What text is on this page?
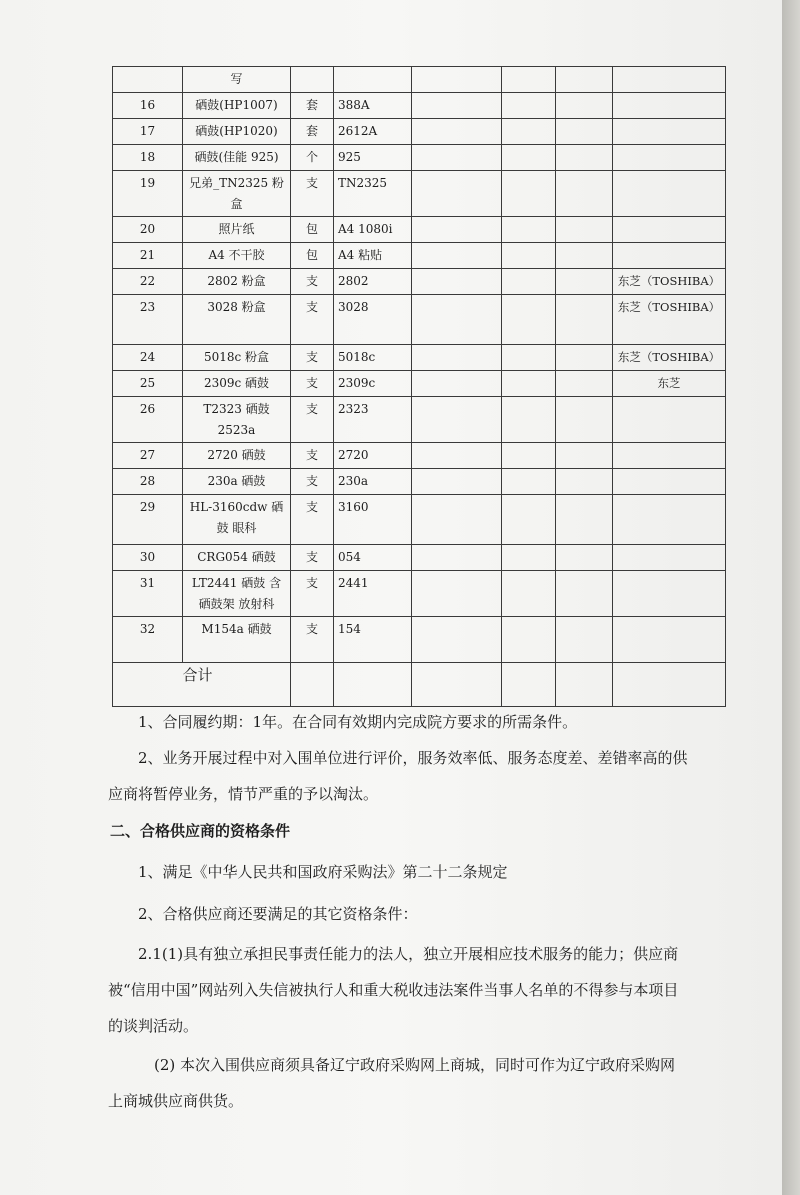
	写						
16	硒鼓(HP1007)	套	388A				
17	硒鼓(HP1020)	套	2612A				
18	硒鼓(佳能 925)	个	925				
19	兄弟_TN2325 粉盒	支	TN2325				
20	照片纸	包	A4 1080i				
21	A4 不干胶	包	A4 粘贴				
22	2802 粉盒	支	2802				东芝（TOSHIBA）
23	3028 粉盒	支	3028				东芝（TOSHIBA）
24	5018c 粉盒	支	5018c				东芝（TOSHIBA）
25	2309c 硒鼓	支	2309c				东芝
26	T2323 硒鼓 2523a	支	2323				
27	2720 硒鼓	支	2720				
28	230a 硒鼓	支	230a				
29	HL-3160cdw 硒鼓 眼科	支	3160				
30	CRG054 硒鼓	支	054				
31	LT2441 硒鼓 含硒鼓架 放射科	支	2441				
32	M154a 硒鼓	支	154				
	合计						

1、合同履约期：1年。在合同有效期内完成院方要求的所需条件。

2、业务开展过程中对入围单位进行评价，服务效率低、服务态度差、差错率高的供应商将暂停业务，情节严重的予以淘汰。

二、合格供应商的资格条件

1、满足《中华人民共和国政府采购法》第二十二条规定

2、合格供应商还要满足的其它资格条件：

2.1(1)具有独立承担民事责任能力的法人，独立开展相应技术服务的能力；供应商被“信用中国”网站列入失信被执行人和重大税收违法案件当事人名单的不得参与本项目的谈判活动。

(2) 本次入围供应商须具备辽宁政府采购网上商城，同时可作为辽宁政府采购网上商城供应商供货。
